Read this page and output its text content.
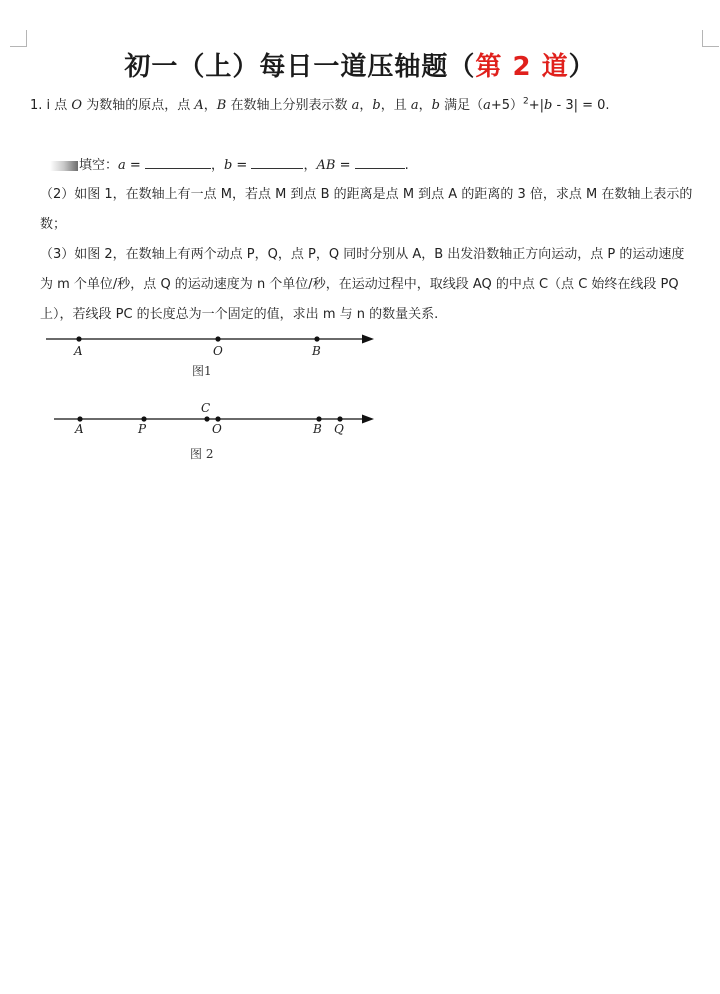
初一（上）每日一道压轴题（第 2 道）
1. i 点 O 为数轴的原点，点 A，B 在数轴上分别表示数 a，b，且 a，b 满足$(a+5)^2+|b - 3| = 0$.
填空：a =	，b =	，AB =	.
（2）如图 1，在数轴上有一点 M，若点 M 到点 B 的距离是点 M 到点 A 的距离的 3 倍，求点 M 在数轴上表示的
数；
（3）如图 2，在数轴上有两个动点 P，Q，点 P，Q 同时分别从 A，B 出发沿数轴正方向运动，点 P 的运动速度
为 m 个单位/秒，点 Q 的运动速度为 n 个单位/秒，在运动过程中，取线段 AQ 的中点 C（点 C 始终在线段 PQ
上），若线段 PC 的长度总为一个固定的值，求出 m 与 n 的数量关系.
A	O	B
图1
C
A	P	O	B Q
图 2
